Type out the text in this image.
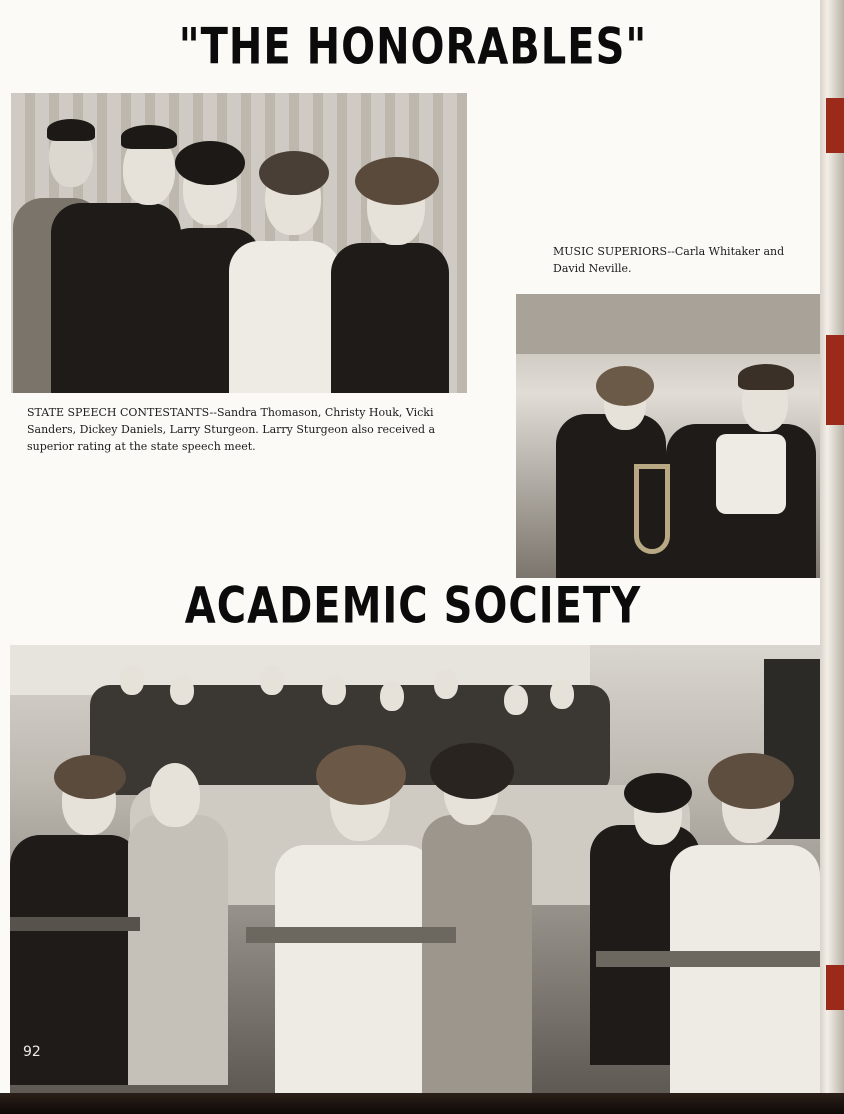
"THE HONORABLES"

STATE SPEECH CONTESTANTS--Sandra Thomason, Christy Houk, Vicki Sanders, Dickey Daniels, Larry Sturgeon. Larry Sturgeon also received a superior rating at the state speech meet.

MUSIC SUPERIORS--Carla Whitaker and David Neville.

ACADEMIC SOCIETY
92
